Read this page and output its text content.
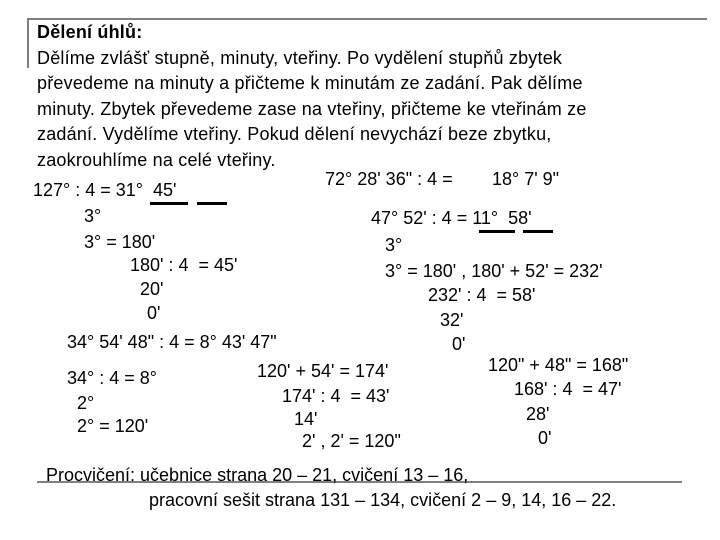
Dělení úhlů:
Dělíme zvlášť stupně, minuty, vteřiny. Po vydělení stupňů zbytek
převedeme na minuty a přičteme k minutám ze zadání. Pak dělíme
minuty. Zbytek převedeme zase na vteřiny, přičteme ke vteřinám ze
zadání. Vydělíme vteřiny. Pokud dělení nevychází beze zbytku,
zaokrouhlíme na celé vteřiny.
127° : 4 = 31°  45'
3°
3° = 180'
180' : 4  = 45'
20'
0'
72° 28' 36" : 4 = 18° 7' 9"
47° 52' : 4 = 11°  58'
3°
3° = 180' , 180' + 52' = 232'
232' : 4  = 58'
32'
0'
120" + 48" = 168"
168' : 4  = 47'
28'
0'
34° 54' 48" : 4 = 8° 43' 47"
34° : 4 = 8°
2°
2° = 120'
120' + 54' = 174'
174' : 4  = 43'
14'
2' , 2' = 120"
Procvičení: učebnice strana 20 – 21, cvičení 13 – 16,
pracovní sešit strana 131 – 134, cvičení 2 – 9, 14, 16 – 22.
